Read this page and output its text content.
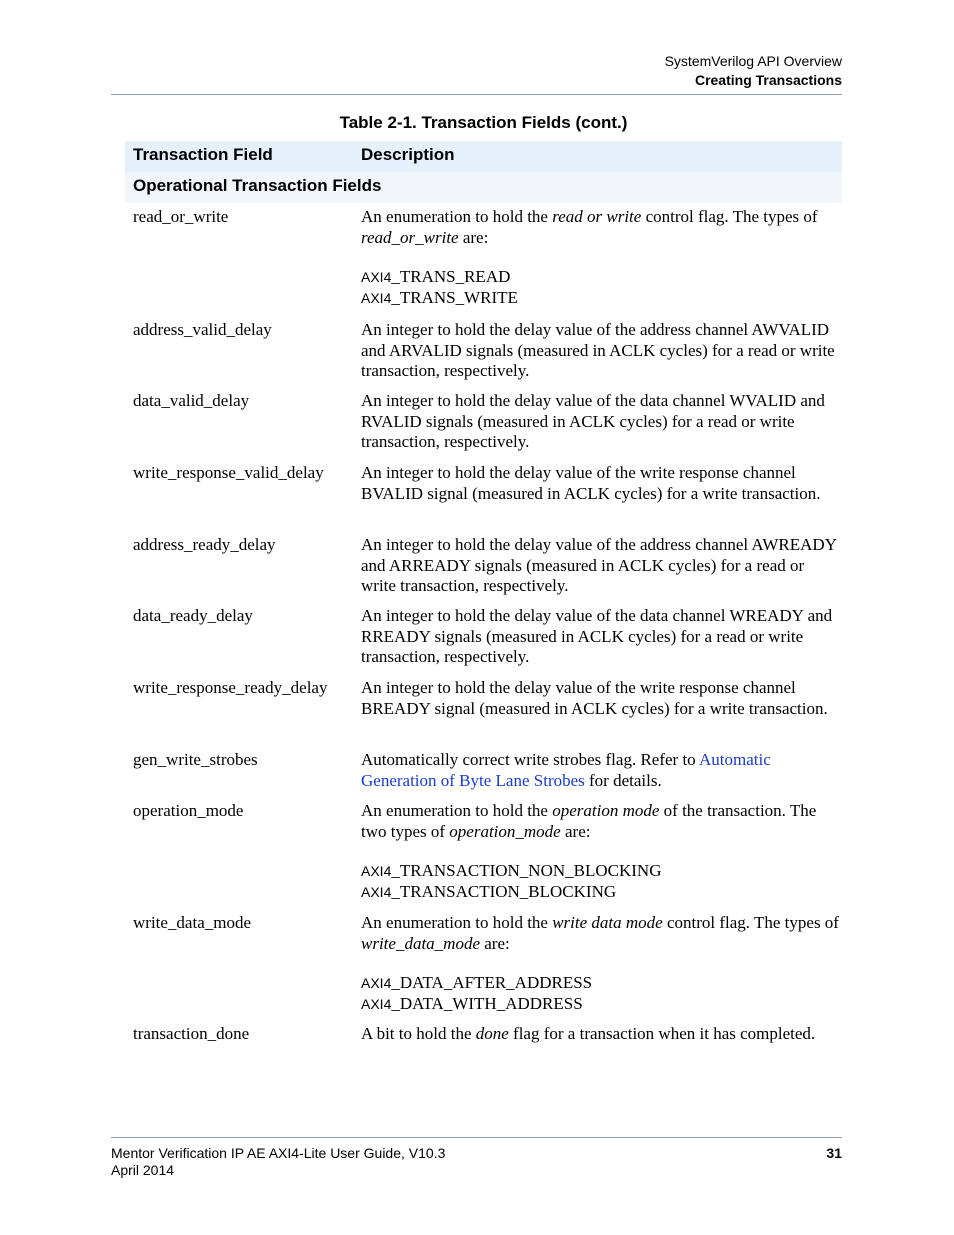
SystemVerilog API Overview
Creating Transactions
Table 2-1. Transaction Fields (cont.)
Transaction Field	Description
Operational Transaction Fields
read_or_write	An enumeration to hold the read or write control flag. The types of read_or_write are:

AXI4_TRANS_READ
AXI4_TRANS_WRITE

address_valid_delay	An integer to hold the delay value of the address channel AWVALID and ARVALID signals (measured in ACLK cycles) for a read or write transaction, respectively.
data_valid_delay	An integer to hold the delay value of the data channel WVALID and RVALID signals (measured in ACLK cycles) for a read or write transaction, respectively.
write_response_valid_delay An integer to hold the delay value of the write response channel BVALID signal (measured in ACLK cycles) for a write transaction.
address_ready_delay	An integer to hold the delay value of the address channel AWREADY and ARREADY signals (measured in ACLK cycles) for a read or write transaction, respectively.
data_ready_delay	An integer to hold the delay value of the data channel WREADY and RREADY signals (measured in ACLK cycles) for a read or write transaction, respectively.
write_response_ready_delay An integer to hold the delay value of the write response channel BREADY signal (measured in ACLK cycles) for a write transaction.
gen_write_strobes	Automatically correct write strobes flag. Refer to Automatic Generation of Byte Lane Strobes for details.

operation_mode	An enumeration to hold the operation mode of the transaction. The two types of operation_mode are:

AXI4_TRANSACTION_NON_BLOCKING
AXI4_TRANSACTION_BLOCKING

write_data_mode	An enumeration to hold the write data mode control flag. The types of write_data_mode are:

AXI4_DATA_AFTER_ADDRESS
AXI4_DATA_WITH_ADDRESS

transaction_done	A bit to hold the done flag for a transaction when it has completed.

Mentor Verification IP AE AXI4-Lite User Guide, V10.3
April 2014
31
